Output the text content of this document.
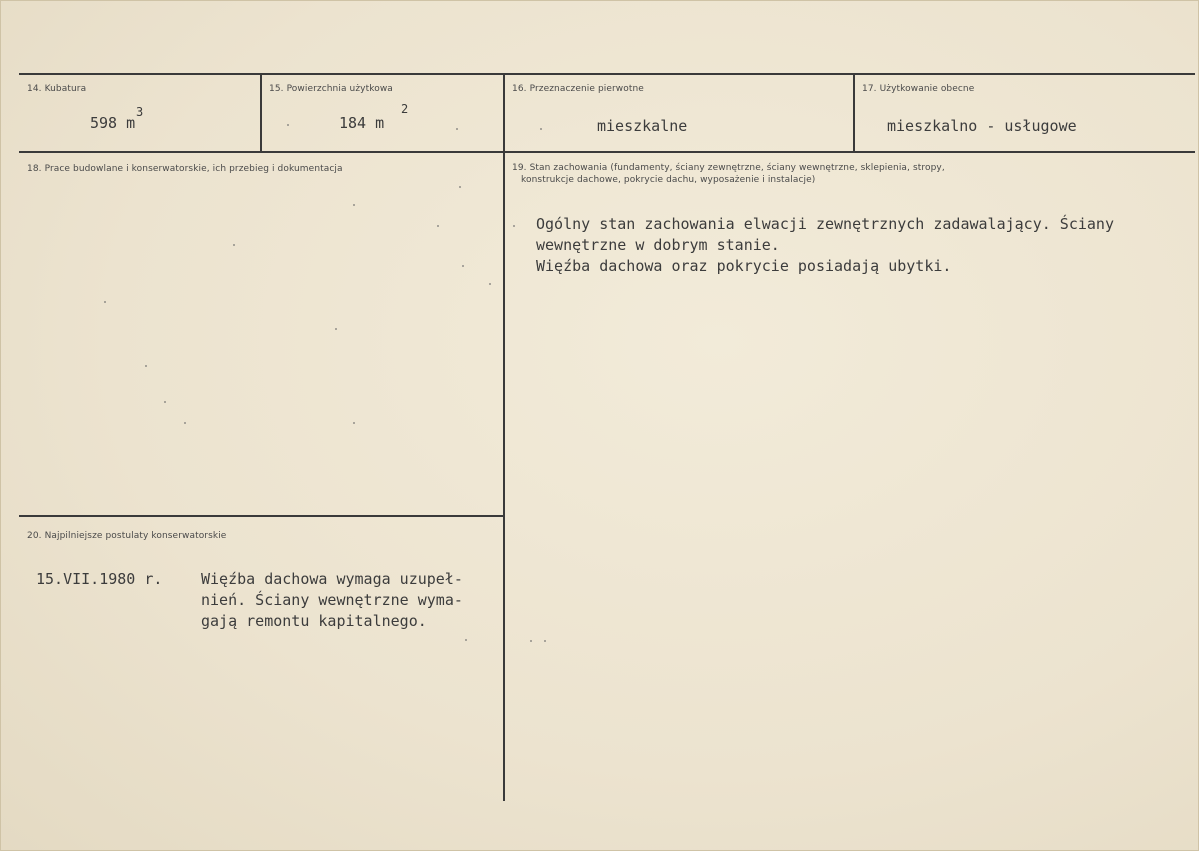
14. Kubatura
598 m
3
15. Powierzchnia użytkowa
184 m
2
16. Przeznaczenie pierwotne
mieszkalne
17. Użytkowanie obecne
mieszkalno - usługowe
18. Prace budowlane i konserwatorskie, ich przebieg i dokumentacja	19. Stan zachowania (fundamenty, ściany zewnętrzne, ściany wewnętrzne, sklepienia, stropy,
konstrukcje dachowe, pokrycie dachu, wyposażenie i instalacje)
Ogólny stan zachowania elwacji zewnętrznych zadawalający. Ściany
wewnętrzne w dobrym stanie.
Więźba dachowa oraz pokrycie posiadają ubytki.
20. Najpilniejsze postulaty konserwatorskie
15.VII.1980 r.	Więźba dachowa wymaga uzupeł-
nień. Ściany wewnętrzne wyma-
gają remontu kapitalnego.
